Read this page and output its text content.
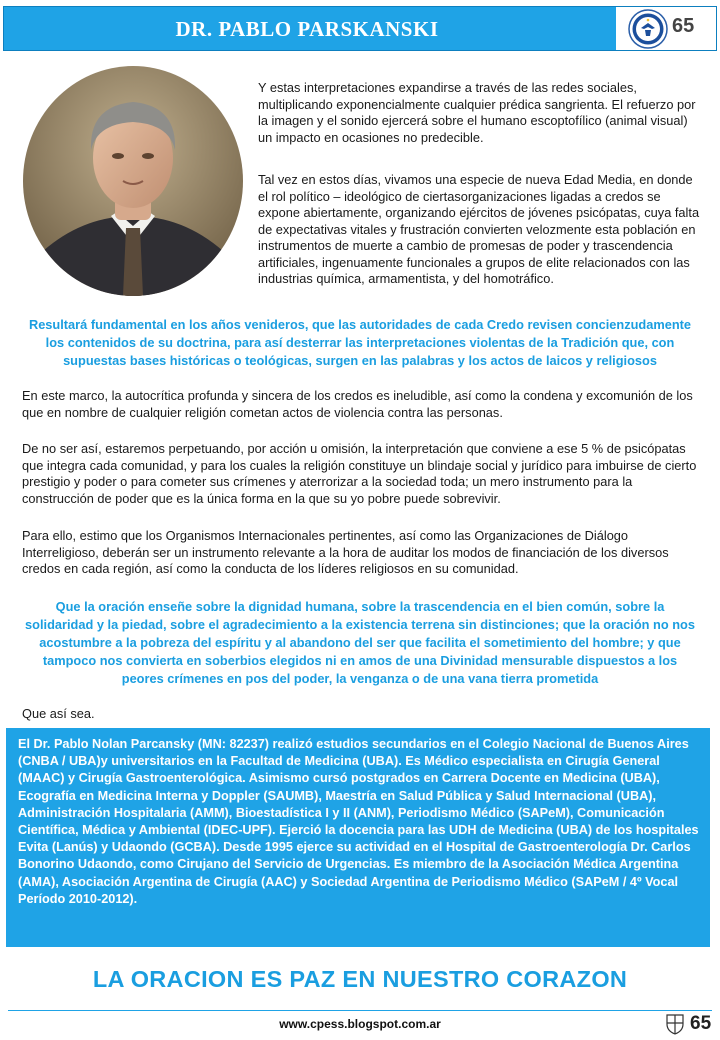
DR. PABLO PARSKANSKI	65

Y estas interpretaciones expandirse a través de las redes sociales, multiplicando exponencialmente cualquier prédica sangrienta. El refuerzo por la imagen y el sonido ejercerá sobre el humano escoptofílico (animal visual) un impacto en ocasiones no predecible.

Tal vez en estos días, vivamos una especie de nueva Edad Media, en donde el rol político – ideológico de ciertasorganizaciones ligadas a credos se expone abiertamente, organizando ejércitos de jóvenes psicópatas, cuya falta de expectativas vitales y frustración convierten velozmente esta población en instrumentos de muerte a cambio de promesas de poder y trascendencia artificiales, ingenuamente funcionales a grupos de elite relacionados con las industrias química, armamentista, y del homotráfico.

Resultará fundamental en los años venideros, que las autoridades de cada Credo revisen concienzudamente los contenidos de su doctrina, para así desterrar las interpretaciones violentas de la Tradición que, con supuestas bases históricas o teológicas, surgen en las palabras y los actos de laicos y religiosos

En este marco, la autocrítica profunda y sincera de los credos es ineludible, así como la condena y excomunión de los que en nombre de cualquier religión cometan actos de violencia contra las personas.

De no ser así, estaremos perpetuando, por acción u omisión, la interpretación que conviene a ese 5 % de psicópatas que integra cada comunidad, y para los cuales la religión constituye un blindaje social y jurídico para imbuirse de cierto prestigio y poder o para cometer sus crímenes y aterrorizar a la sociedad toda; un mero instrumento para la construcción de poder que es la única forma en la que su yo pobre puede sobrevivir.

Para ello, estimo que los Organismos Internacionales pertinentes, así como las Organizaciones de Diálogo Interreligioso, deberán ser un instrumento relevante a la hora de auditar los modos de financiación de los diversos credos en cada región, así como la conducta de los líderes religiosos en su comunidad.

Que la oración enseñe sobre la dignidad humana, sobre la trascendencia en el bien común, sobre la solidaridad y la piedad, sobre el agradecimiento a la existencia terrena sin distinciones; que la oración no nos acostumbre a la pobreza del espíritu y al abandono del ser que facilita el sometimiento del hombre; y que tampoco nos convierta en soberbios elegidos ni en amos de una Divinidad mensurable dispuestos a los peores crímenes en pos del poder, la venganza o de una vana tierra prometida

Que así sea.

El Dr. Pablo Nolan Parcansky (MN: 82237) realizó estudios secundarios en el Colegio Nacional de Buenos Aires (CNBA / UBA)y universitarios en la Facultad de Medicina (UBA). Es Médico especialista en Cirugía General (MAAC) y Cirugía Gastroenterológica. Asimismo cursó postgrados en Carrera Docente en Medicina (UBA), Ecografía en Medicina Interna y Doppler (SAUMB), Maestría en Salud Pública y Salud Internacional (UBA), Administración Hospitalaria (AMM), Bioestadística I y II (ANM), Periodismo Médico (SAPeM), Comunicación Científica, Médica y Ambiental (IDEC-UPF). Ejerció la docencia para las UDH de Medicina (UBA) de los hospitales Evita (Lanús) y Udaondo (GCBA). Desde 1995 ejerce su actividad en el Hospital de Gastroenterología Dr. Carlos Bonorino Udaondo, como Cirujano del Servicio de Urgencias. Es miembro de la Asociación Médica Argentina (AMA), Asociación Argentina de Cirugía (AAC) y Sociedad Argentina de Periodismo Médico (SAPeM / 4º Vocal Período 2010-2012).

LA ORACION ES PAZ EN NUESTRO CORAZON

www.cpess.blogspot.com.ar	65
